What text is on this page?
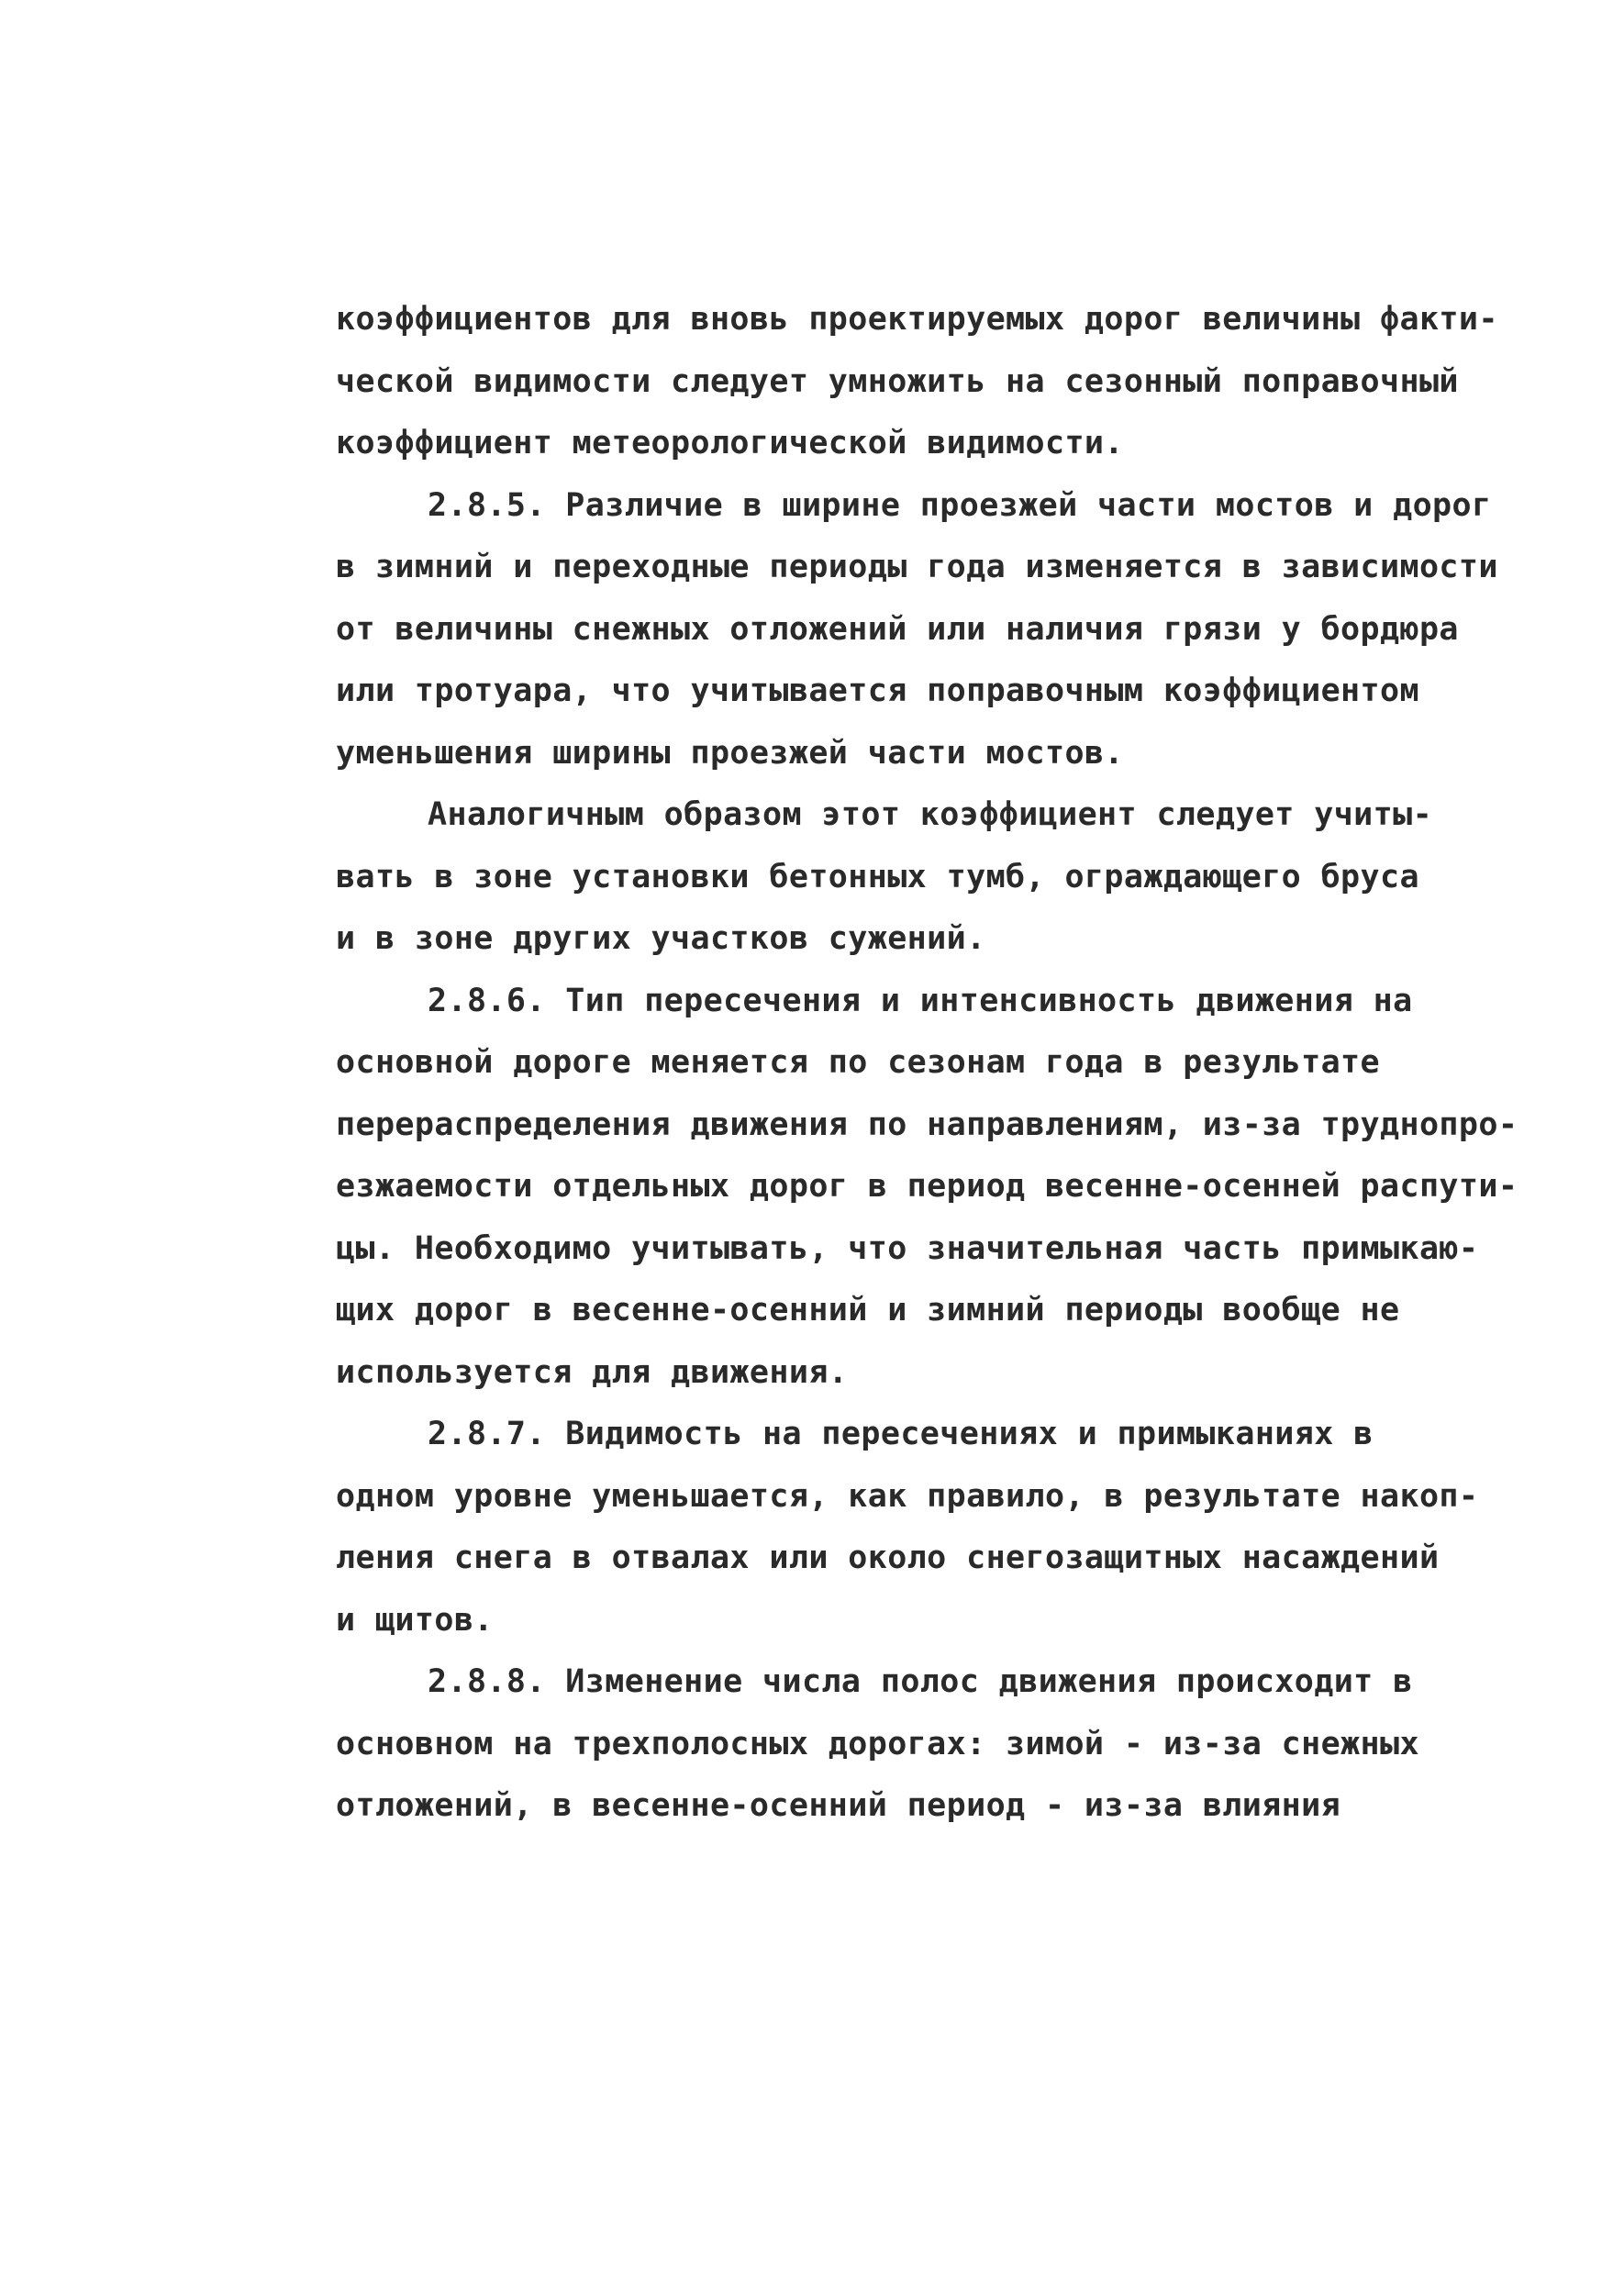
коэффициентов для вновь проектируемых дорог величины факти-
ческой видимости следует умножить на сезонный поправочный
коэффициент метеорологической видимости.
2.8.5. Различие в ширине проезжей части мостов и дорог
в зимний и переходные периоды года изменяется в зависимости
от величины снежных отложений или наличия грязи у бордюра
или тротуара, что учитывается поправочным коэффициентом
уменьшения ширины проезжей части мостов.
Аналогичным образом этот коэффициент следует учиты-
вать в зоне установки бетонных тумб, ограждающего бруса
и в зоне других участков сужений.
2.8.6. Тип пересечения и интенсивность движения на
основной дороге меняется по сезонам года в результате
перераспределения движения по направлениям, из-за труднопро-
езжаемости отдельных дорог в период весенне-осенней распути-
цы. Необходимо учитывать, что значительная часть примыкаю-
щих дорог в весенне-осенний и зимний периоды вообще не
используется для движения.
2.8.7. Видимость на пересечениях и примыканиях в
одном уровне уменьшается, как правило, в результате накоп-
ления снега в отвалах или около снегозащитных насаждений
и щитов.
2.8.8. Изменение числа полос движения происходит в
основном на трехполосных дорогах: зимой - из-за снежных
отложений, в весенне-осенний период - из-за влияния
